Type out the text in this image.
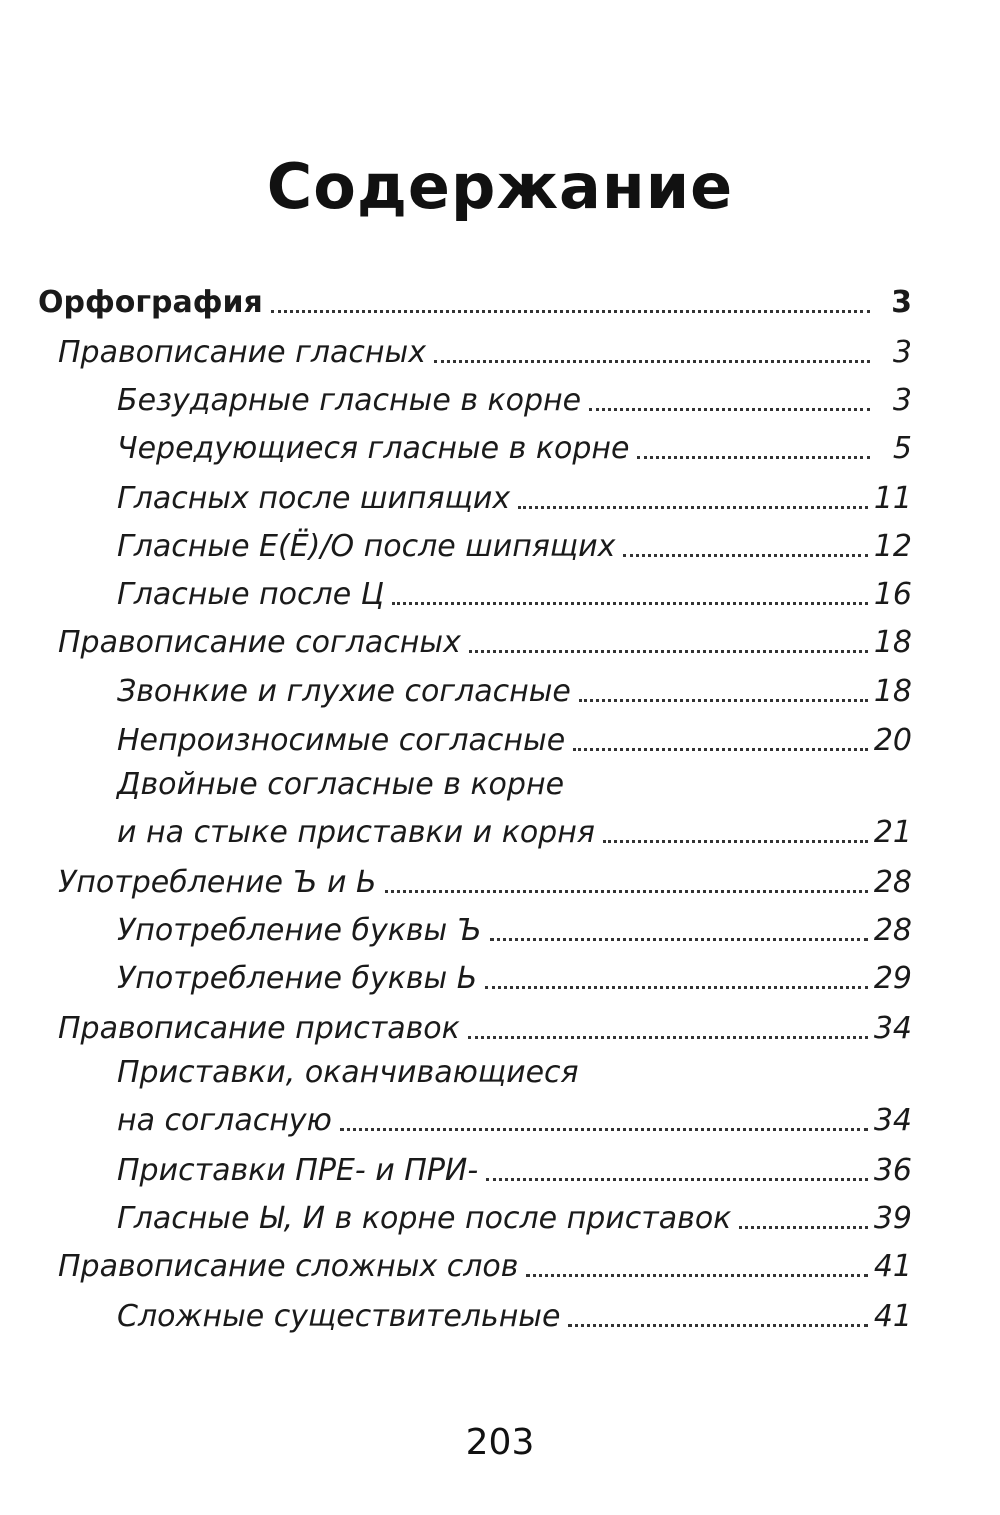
Содержание
Орфография	3
Правописание гласных	3
Безударные гласные в корне	3
Чередующиеся гласные в корне	5
Гласных после шипящих	11
Гласные Е(Ё)/О после шипящих	12
Гласные после Ц	16
Правописание согласных	18
Звонкие и глухие согласные	18
Непроизносимые согласные	20
Двойные согласные в корне
и на стыке приставки и корня	21
Употребление Ъ и Ь	28
Употребление буквы Ъ	28
Употребление буквы Ь	29
Правописание приставок	34
Приставки, оканчивающиеся
на согласную	34
Приставки ПРЕ- и ПРИ-	36
Гласные Ы, И в корне после приставок	39
Правописание сложных слов	41
Сложные существительные	41
203
